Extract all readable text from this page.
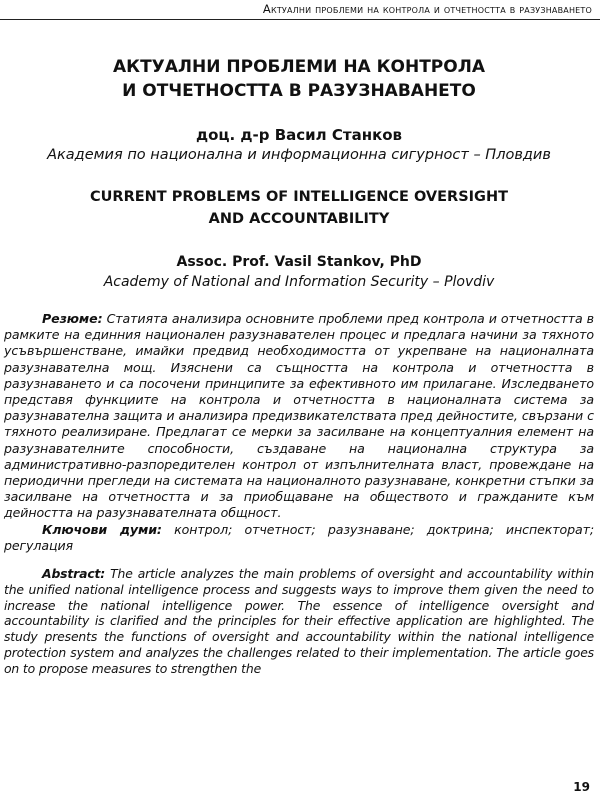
Актуални проблеми на контрола и отчетността в разузнаването
АКТУАЛНИ ПРОБЛЕМИ НА КОНТРОЛА
И ОТЧЕТНОСТТА В РАЗУЗНАВАНЕТО
доц. д-р Васил Станков
Академия по национална и информационна сигурност – Пловдив
CURRENT PROBLEMS OF INTELLIGENCE OVERSIGHT
AND ACCOUNTABILITY
Assoc. Prof. Vasil Stankov, PhD
Academy of National and Information Security – Plovdiv

Резюме: Статията анализира основните проблеми пред контрола и отчетността в рамките на единния национален разузнавателен процес и предлага начини за тяхното усъвършенстване, имайки предвид необходимостта от укрепване на националната разузнавателна мощ. Изяснени са същността на контрола и отчетността в разузнаването и са посочени принципите за ефективното им прилагане. Изследването представя функциите на контрола и отчетността в националната система за разузнавателна защита и анализира предизвикателствата пред дейностите, свързани с тяхното реализиране. Предлагат се мерки за засилване на концептуалния елемент на разузнавателните способности, създаване на национална структура за административно-разпоредителен контрол от изпълнителната власт, провеждане на периодични прегледи на системата на националното разузнаване, конкретни стъпки за засилване на отчетността и за приобщаване на обществото и гражданите към дейността на разузнавателната общност.

Ключови думи: контрол; отчетност; разузнаване; доктрина; инспекторат; регулация

Abstract: The article analyzes the main problems of oversight and accountability within the unified national intelligence process and suggests ways to improve them given the need to increase the national intelligence power. The essence of intelligence oversight and accountability is clarified and the principles for their effective application are highlighted. The study presents the functions of oversight and accountability within the national intelligence protection system and analyzes the challenges related to their implementation. The article goes on to propose measures to strengthen the

19
